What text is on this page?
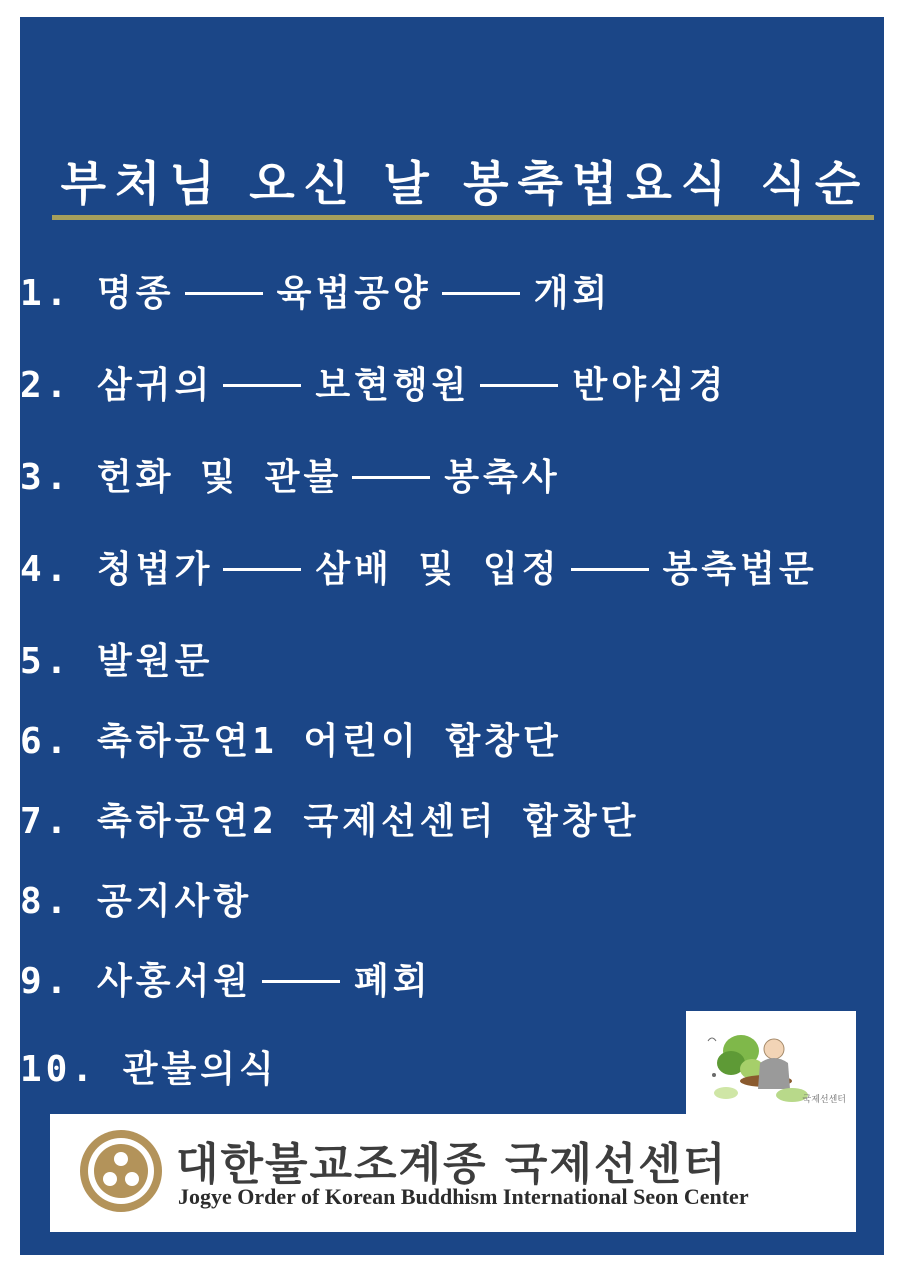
부처님 오신 날 봉축법요식 식순
1. 명종	육법공양	개회
2. 삼귀의	보현행원	반야심경
3. 헌화 및 관불	봉축사
4. 청법가	삼배 및 입정	봉축법문
5. 발원문
6. 축하공연1 어린이 합창단
7. 축하공연2 국제선센터 합창단
8. 공지사항
9. 사홍서원	폐회
10. 관불의식
국제선센터
대한불교조계종 국제선센터
Jogye Order of Korean Buddhism International Seon Center
